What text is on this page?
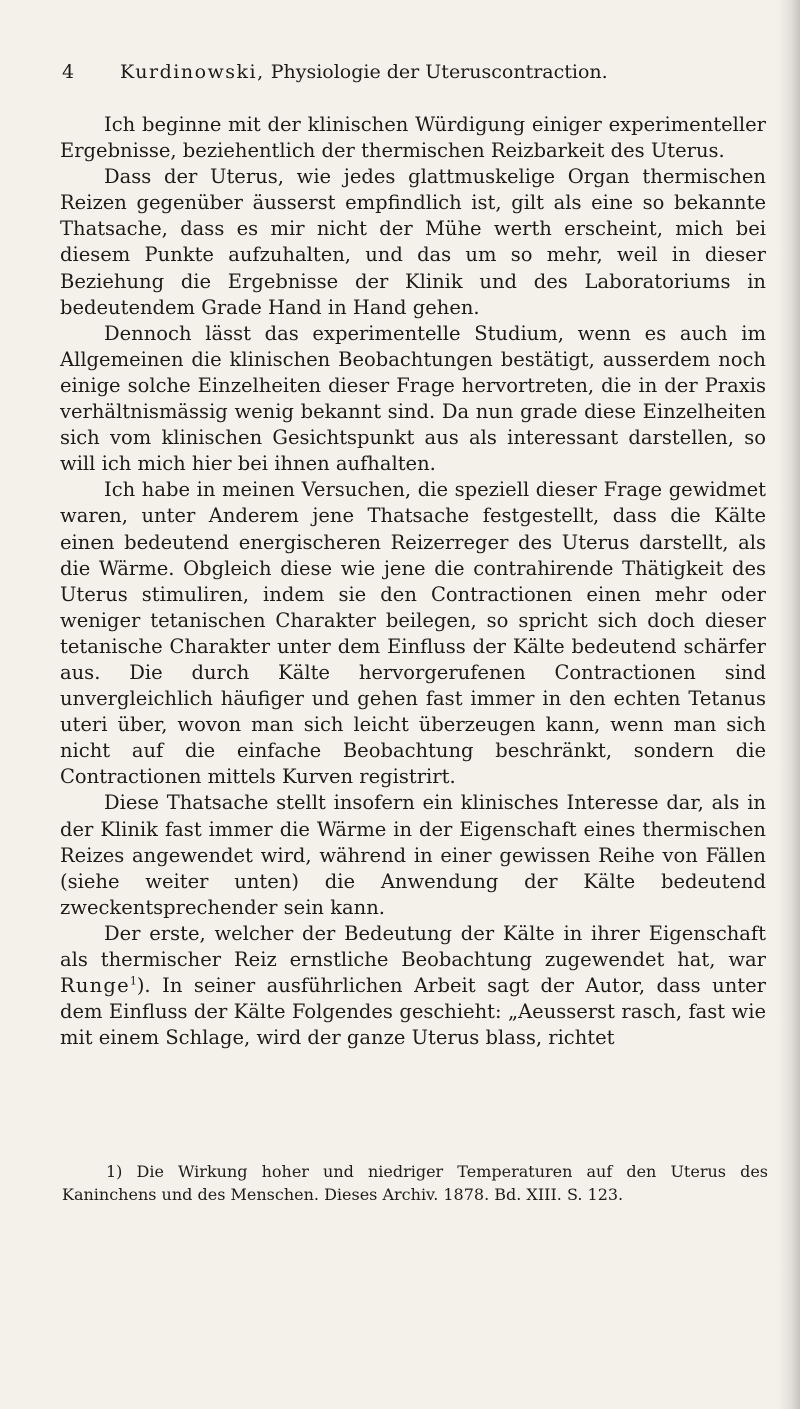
4 Kurdinowski, Physiologie der Uteruscontraction.

Ich beginne mit der klinischen Würdigung einiger experimenteller Ergebnisse, beziehentlich der thermischen Reizbarkeit des Uterus.

Dass der Uterus, wie jedes glattmuskelige Organ thermischen Reizen gegenüber äusserst empfindlich ist, gilt als eine so bekannte Thatsache, dass es mir nicht der Mühe werth erscheint, mich bei diesem Punkte aufzuhalten, und das um so mehr, weil in dieser Beziehung die Ergebnisse der Klinik und des Laboratoriums in bedeutendem Grade Hand in Hand gehen.

Dennoch lässt das experimentelle Studium, wenn es auch im Allgemeinen die klinischen Beobachtungen bestätigt, ausserdem noch einige solche Einzelheiten dieser Frage hervortreten, die in der Praxis verhältnismässig wenig bekannt sind. Da nun grade diese Einzelheiten sich vom klinischen Gesichtspunkt aus als interessant darstellen, so will ich mich hier bei ihnen aufhalten.

Ich habe in meinen Versuchen, die speziell dieser Frage gewidmet waren, unter Anderem jene Thatsache festgestellt, dass die Kälte einen bedeutend energischeren Reizerreger des Uterus darstellt, als die Wärme. Obgleich diese wie jene die contrahirende Thätigkeit des Uterus stimuliren, indem sie den Contractionen einen mehr oder weniger tetanischen Charakter beilegen, so spricht sich doch dieser tetanische Charakter unter dem Einfluss der Kälte bedeutend schärfer aus. Die durch Kälte hervorgerufenen Contractionen sind unvergleichlich häufiger und gehen fast immer in den echten Tetanus uteri über, wovon man sich leicht überzeugen kann, wenn man sich nicht auf die einfache Beobachtung beschränkt, sondern die Contractionen mittels Kurven registrirt.

Diese Thatsache stellt insofern ein klinisches Interesse dar, als in der Klinik fast immer die Wärme in der Eigenschaft eines thermischen Reizes angewendet wird, während in einer gewissen Reihe von Fällen (siehe weiter unten) die Anwendung der Kälte bedeutend zweckentsprechender sein kann.

Der erste, welcher der Bedeutung der Kälte in ihrer Eigenschaft als thermischer Reiz ernstliche Beobachtung zugewendet hat, war Runge$^1$). In seiner ausführlichen Arbeit sagt der Autor, dass unter dem Einfluss der Kälte Folgendes geschieht: „Aeusserst rasch, fast wie mit einem Schlage, wird der ganze Uterus blass, richtet

1) Die Wirkung hoher und niedriger Temperaturen auf den Uterus des Kaninchens und des Menschen. Dieses Archiv. 1878. Bd. XIII. S. 123.
